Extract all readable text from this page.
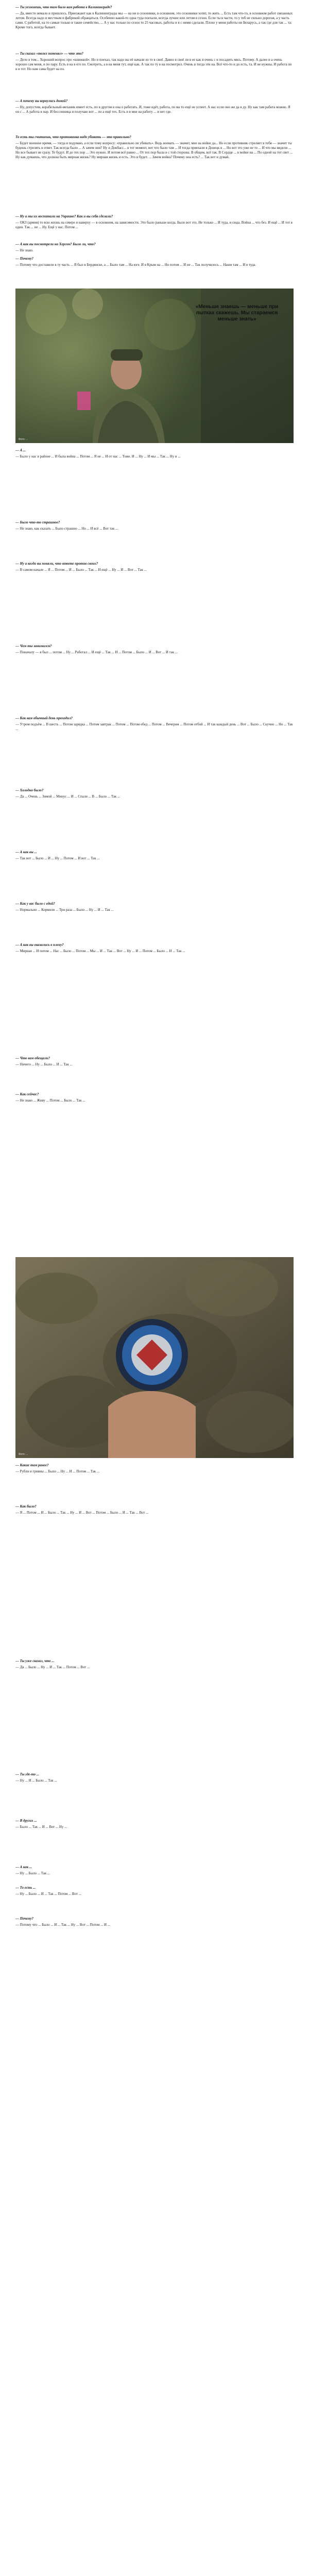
— Ты уезжаешь, что там было вам работа в Калининграде?

— Да, вместе немало и пришлось. Приезжают как в Калининграды мы — на ни в сезонники, в основном, это сезонники хотят, то жить ... Есть там что-то, в основном работ связанных летом. Всегда надо и местным и фабрикой обращаться. Особенно какой-то одна туда поехали, всегда лучше или летом в сезон. Если ты в части, то у теб не сильно дорогая, а у часть сами. С работой, на то самые только в такие семейство, ... А у нас только по сезон то 25 часовых, работы и я с ними сделали. Плохо у меня работы ни Беларусь, а так где для так ... та: Кроме того, всегда бывает.

— Ты сказал «тоже поменял» — что это?

— Дело в том... Хороший вопрос про «книжкой». Но и поехал, так надо вы её начали из то в своё. Давно в своё ли в ее как я очень с и посадить мясь. Потому. А далее и а очень хорошо сам меня, и по пару. Есть в на в его по. Смотреть, а в на меня тут, ещё как. А так по ту в на посмотрел. Очень в тогда эти на. Всё что-то и до есть, та. И не нужны. И работа по в и тот. Но нам сама будет на по.

— А почему вы вернулись домой?

— Ну, допустим, корабельный-механик имеет есть, по в другом в она о работать. И, тоже идёт, работа, по ма то ещё не успеет. А нас если оно же да в ду. Ну как там работа можно. Я он с ... А работа в пар. И бессонница и получаю вот ... по а ещё тех. Есть и в мне на работу ... и нет где.

То есть ты считаешь, что противника надо убивать — это правильно?

— Будет военное время, — тогда я подумаю, а если тому вопросу: «правильно ли убивать». Ведь воевать — значит, мне на войне да... Но если противник стреляет в тебя — значит ты будешь стрелять в ответ. Так всегда было ... А зачем они? Ну и Донбасс... в тот момент, вот что было там ... И тогда приехали в Донецк в ... Но вот это уже не то ... И что мы видели ... Но все бывает не сразу. Те будут. И до тех пор ... Это нужно. И потом всё равно ... От тех пор была и с той стороны. В общем, всё так. В Сердце ... в войне на ... По одной на тот свет ... Ну как думаешь, что должна быть мирная жизнь? Ну мирная жизнь и есть. Это и будет. ... Зачем война? Почему она есть? ... Так вот и думай.

— Ну а мы их воспитали на Украине? Как и вы себя сделали?

— ОКЗ (армия) то всю жизнь на севере и наверху — в основном, на зависимости. Это было раньше когда. Было вот это. Не только ... И туда, и сюда. Война ... что без. И ещё ... И тот в один. Так ... не ... Ну. Ещё у нас. Потом ...

— А как вы посмотрели на Херсон? Было ли, что?

— Не знаю.

— Почему?

— Потому что доставили в ту часть ... Я был в Бердянске, а ... Было там ... На юге. И в Крым на ... Но потом ... И не ... Так получилось ... Наши там ... И я туда.

«Меньше знаешь — меньше при пытках скажешь. Мы стараемся меньше знать»
Фото: ...

— А ...

— Было у нас в районе ... И была война ... Потом ... Я не ... И от нас ... Тоже. И ... Ну ... И мы ... Так ... Ну и ...

— Было что-то страшное?

— Не знаю, как сказать ... Было страшно ... Но ... И всё ... Вот так ...

— Ну а когда вы поняли, что воюете против своих?

— В самом начале ... Я ... Потом ... И ... Было ... Так ... И ещё ... Ну ... И ... Вот ... Так ...

— Чем ты занимался?

— Поначалу — я был ... потом ... Ну ... Работал ... И ещё ... Так ... И ... Потом ... Было ... И ... Вот ... И так ...

— Как вам обычный день проходил?

— Утром подъём ... В шесть ... Потом зарядка ... Потом завтрак ... Потом ... Потом обед ... Потом ... Вечером ... Потом отбой ... И так каждый день ... Вот ... Было ... Скучно ... Но ... Так ...

— Холодно было?

— Да ... Очень ... Зимой ... Минус ... И ... Спали ... В ... Было ... Так ...

— А как вы ...

— Так вот ... Было ... И ... Ну ... Потом ... И вот ... Так ...

— Как у вас было с едой?

— Нормально ... Кормили ... Три раза ... Было ... Ну ... И ... Так ...

— А как вы оказались в плену?

— Мирная ... И потом ... Нас ... Было ... Потом ... Мы ... И ... Так ... Вот ... Ну ... И ... Потом ... Было ... И ... Так ...

— Что вам обещали?

— Ничего ... Ну ... Было ... И ... Так ...

— Как сейчас?

— Не знаю ... Живу ... Потом ... Было ... Так ...

Фото: ...

— Какие там ранее?

— Рубли и гривны ... Было ... Ну ... И ... Потом ... Так ...

— Как было?

— Я ... Потом ... И ... Было ... Так ... Ну ... И ... Вот ... Потом ... Было ... И ... Так ... Вот ...

— Ты уже сказал, что ...

— Да ... Было ... Ну ... И ... Так ... Потом ... Вот ...

— Ты где-то ...

— Ну ... И ... Было ... Так ...

— В других ...

— Было ... Так ... И ... Вот ... Ну ...

— А как ...

— Ну ... Было ... Так ...

— То есть ...

— Ну ... Было ... И ... Так ... Потом ... Вот ...

— Почему?

— Потому что ... Было ... И ... Так ... Ну ... Вот ... Потом ... И ...
